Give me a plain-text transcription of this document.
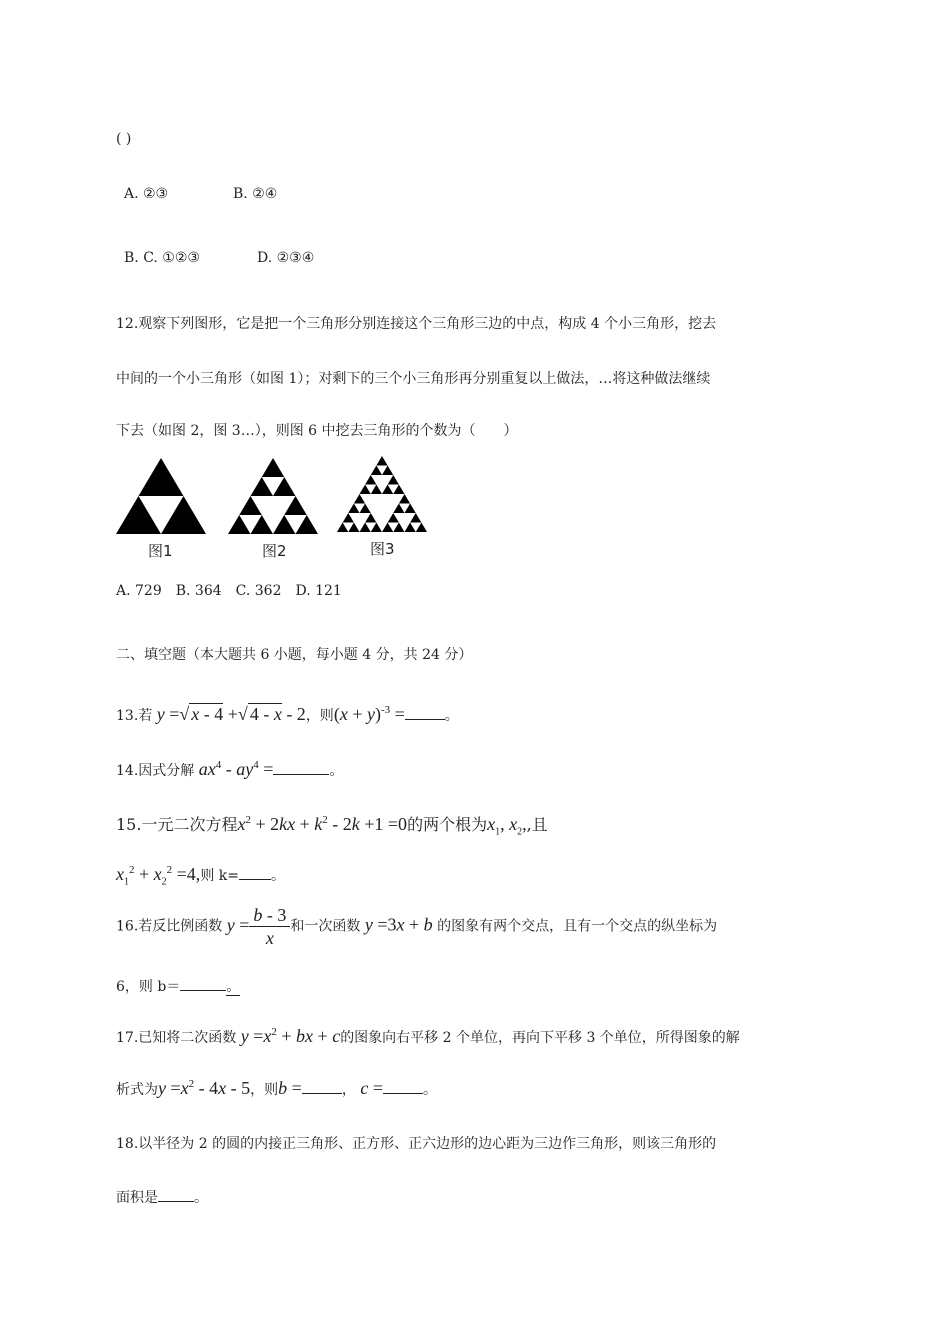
( )
A. ②③	B. ②④
B. C. ①②③	D. ②③④
12.观察下列图形，它是把一个三角形分别连接这个三角形三边的中点，构成 4 个小三角形，挖去
中间的一个小三角形（如图 1）；对剩下的三个小三角形再分别重复以上做法，…将这种做法继续
下去（如图 2，图 3…），则图 6 中挖去三角形的个数为（　　）
图1	图2	图3
A. 729　B. 364　C. 362　D. 121
二、填空题（本大题共 6 小题，每小题 4 分，共 24 分）
13.若 y =√ x - 4 +√ 4 - x - 2，则$(x + y)^{-3}$ =	。
14.因式分解 $ax^4 - ay^4$ =	。
15.一元二次方程$x^2 + 2kx + k^2 - 2k +1 =0$的两个根为$x_1$, $x_2$,,且
$x_1^2 + x_2^2 =4$,则 k= 。
16.若反比例函数 $y = \frac{b - 3}{x}$ 和一次函数 y =3x + b 的图象有两个交点，且有一个交点的纵坐标为
6，则 b＝	。
17.已知将二次函数 $y =x^2$ + bx + c的图象向右平移 2 个单位，再向下平移 3 个单位，所得图象的解
析式为$y =x^2 - 4x - 5$，则b =	， c =	。
18.以半径为 2 的圆的内接正三角形、正方形、正六边形的边心距为三边作三角形，则该三角形的
面积是	。
